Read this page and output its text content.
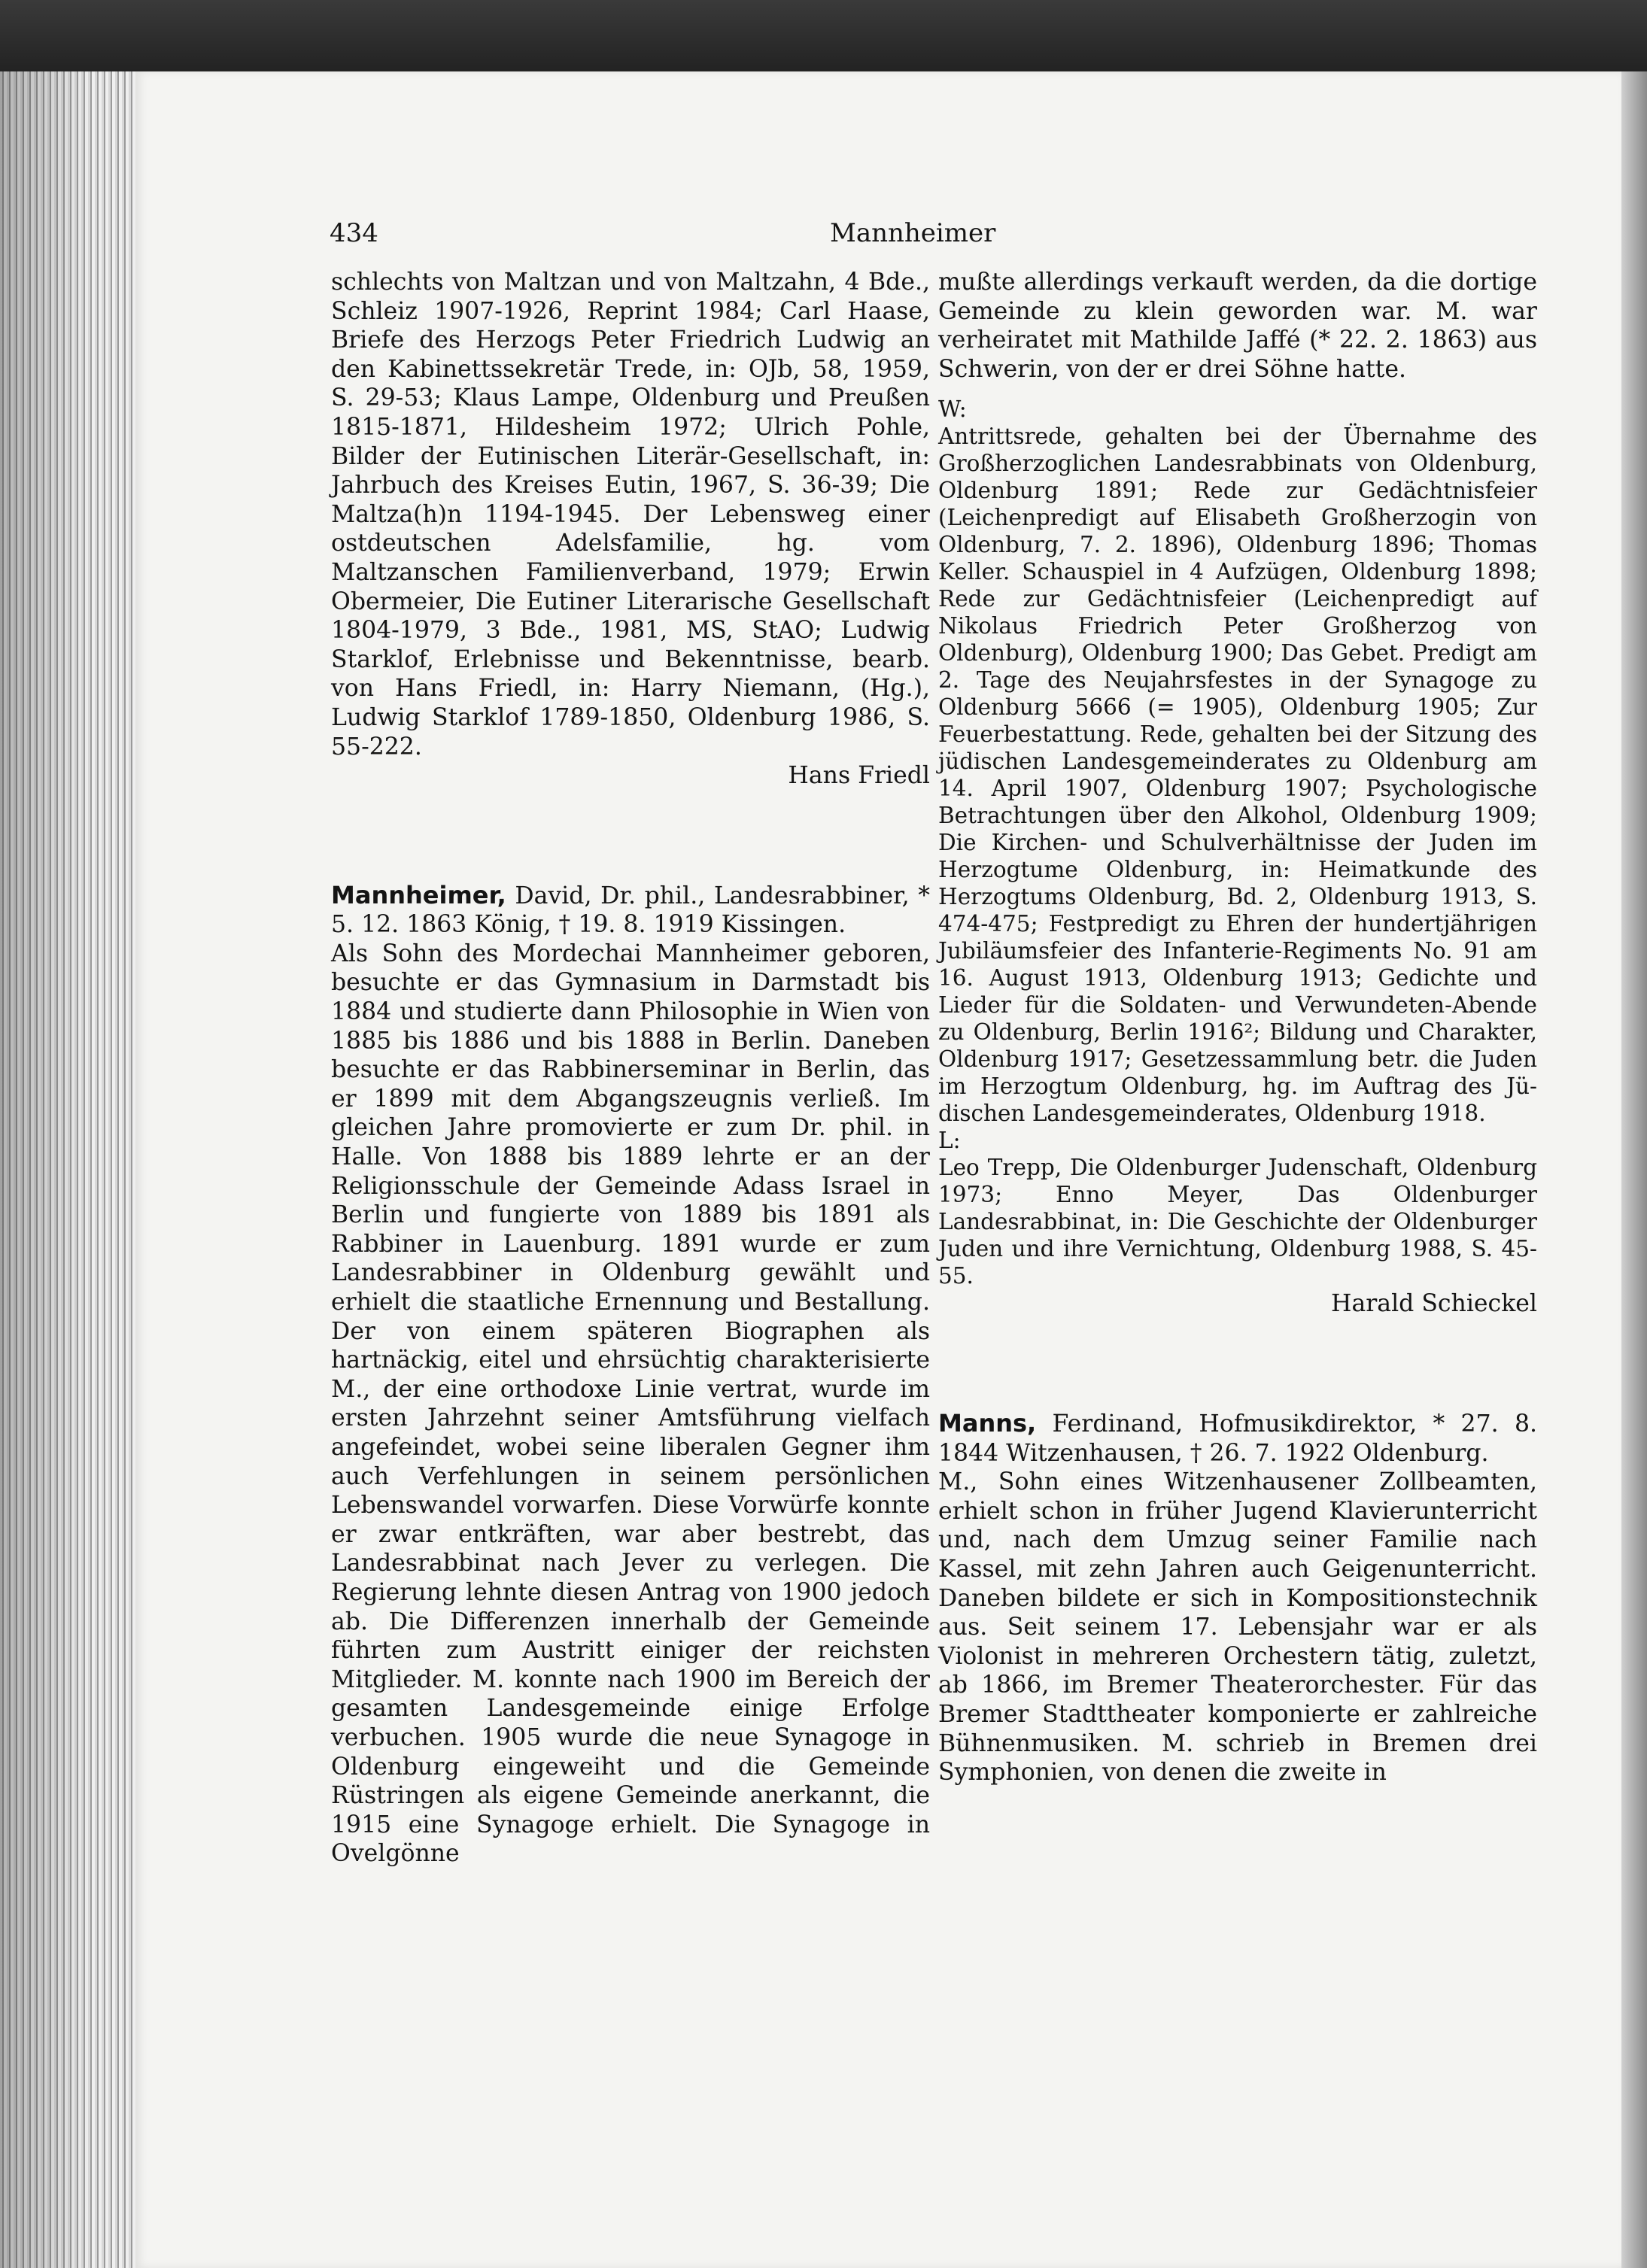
434	Mannheimer

schlechts von Maltzan und von Maltzahn, 4 Bde., Schleiz 1907-1926, Reprint 1984; Carl Haase, Briefe des Herzogs Peter Friedrich Ludwig an den Kabinettssekretär Trede, in: OJb, 58, 1959, S. 29-53; Klaus Lampe, Oldenburg und Preußen 1815-1871, Hildesheim 1972; Ulrich Pohle, Bilder der Eutinischen Literär-Gesellschaft, in: Jahrbuch des Kreises Eutin, 1967, S. 36-39; Die Maltza(h)n 1194-1945. Der Lebensweg einer ostdeutschen Adelsfamilie, hg. vom Maltzanschen Familienverband, 1979; Erwin Obermeier, Die Eutiner Literarische Gesellschaft 1804-1979, 3 Bde., 1981, MS, StAO; Ludwig Starklof, Erlebnisse und Bekenntnisse, bearb. von Hans Friedl, in: Harry Niemann, (Hg.), Ludwig Starklof 1789-1850, Oldenburg 1986, S. 55-222.

Hans Friedl

Mannheimer, David, Dr. phil., Landesrabbiner, * 5. 12. 1863 König, † 19. 8. 1919 Kissingen.

Als Sohn des Mordechai Mannheimer geboren, besuchte er das Gymnasium in Darmstadt bis 1884 und studierte dann Philosophie in Wien von 1885 bis 1886 und bis 1888 in Berlin. Daneben besuchte er das Rabbinerseminar in Berlin, das er 1899 mit dem Abgangszeugnis verließ. Im gleichen Jahre promovierte er zum Dr. phil. in Halle. Von 1888 bis 1889 lehrte er an der Religionsschule der Gemeinde Adass Israel in Berlin und fungierte von 1889 bis 1891 als Rabbiner in Lauenburg. 1891 wurde er zum Landesrabbiner in Oldenburg gewählt und erhielt die staatliche Ernennung und Bestallung. Der von einem späteren Biographen als hartnäckig, eitel und ehrsüchtig charakterisierte M., der eine orthodoxe Linie vertrat, wurde im ersten Jahrzehnt seiner Amtsführung vielfach angefeindet, wobei seine liberalen Gegner ihm auch Verfehlungen in seinem persönlichen Lebenswandel vorwarfen. Diese Vorwürfe konnte er zwar entkräften, war aber bestrebt, das Landesrabbinat nach Jever zu verlegen. Die Regierung lehnte diesen Antrag von 1900 jedoch ab. Die Differenzen innerhalb der Gemeinde führten zum Austritt einiger der reichsten Mitglieder. M. konnte nach 1900 im Bereich der gesamten Landesgemeinde einige Erfolge verbuchen. 1905 wurde die neue Synagoge in Oldenburg eingeweiht und die Gemeinde Rüstringen als eigene Gemeinde anerkannt, die 1915 eine Synagoge erhielt. Die Synagoge in Ovelgönne

mußte allerdings verkauft werden, da die dortige Gemeinde zu klein geworden war. M. war verheiratet mit Mathilde Jaffé (* 22. 2. 1863) aus Schwerin, von der er drei Söhne hatte.

W:

Antrittsrede, gehalten bei der Übernahme des Großherzoglichen Landesrabbinats von Oldenburg, Oldenburg 1891; Rede zur Gedächtnisfeier (Leichenpredigt auf Elisabeth Großherzogin von Oldenburg, 7. 2. 1896), Oldenburg 1896; Thomas Keller. Schauspiel in 4 Aufzügen, Oldenburg 1898; Rede zur Gedächtnisfeier (Leichenpredigt auf Nikolaus Friedrich Peter Großherzog von Oldenburg), Oldenburg 1900; Das Gebet. Predigt am 2. Tage des Neujahrsfestes in der Synagoge zu Oldenburg 5666 (= 1905), Oldenburg 1905; Zur Feuerbestattung. Rede, gehalten bei der Sitzung des jüdischen Landesgemeinderates zu Oldenburg am 14. April 1907, Oldenburg 1907; Psychologische Betrachtungen über den Alkohol, Oldenburg 1909; Die Kirchen- und Schulverhältnisse der Juden im Herzogtume Oldenburg, in: Heimatkunde des Herzogtums Oldenburg, Bd. 2, Oldenburg 1913, S. 474-475; Festpredigt zu Ehren der hundertjährigen Jubiläumsfeier des Infanterie-Regiments No. 91 am 16. August 1913, Oldenburg 1913; Gedichte und Lieder für die Soldaten- und Verwundeten-Abende zu Oldenburg, Berlin 1916²; Bildung und Charakter, Oldenburg 1917; Gesetzessammlung betr. die Juden im Herzogtum Oldenburg, hg. im Auftrag des Jüdischen Landesgemeinderates, Oldenburg 1918.

L:

Leo Trepp, Die Oldenburger Judenschaft, Oldenburg 1973; Enno Meyer, Das Oldenburger Landesrabbinat, in: Die Geschichte der Oldenburger Juden und ihre Vernichtung, Oldenburg 1988, S. 45-55.

Harald Schieckel

Manns, Ferdinand, Hofmusikdirektor, * 27. 8. 1844 Witzenhausen, † 26. 7. 1922 Oldenburg.

M., Sohn eines Witzenhausener Zollbeamten, erhielt schon in früher Jugend Klavierunterricht und, nach dem Umzug seiner Familie nach Kassel, mit zehn Jahren auch Geigenunterricht. Daneben bildete er sich in Kompositionstechnik aus. Seit seinem 17. Lebensjahr war er als Violonist in mehreren Orchestern tätig, zuletzt, ab 1866, im Bremer Theaterorchester. Für das Bremer Stadttheater komponierte er zahlreiche Bühnenmusiken. M. schrieb in Bremen drei Symphonien, von denen die zweite in
